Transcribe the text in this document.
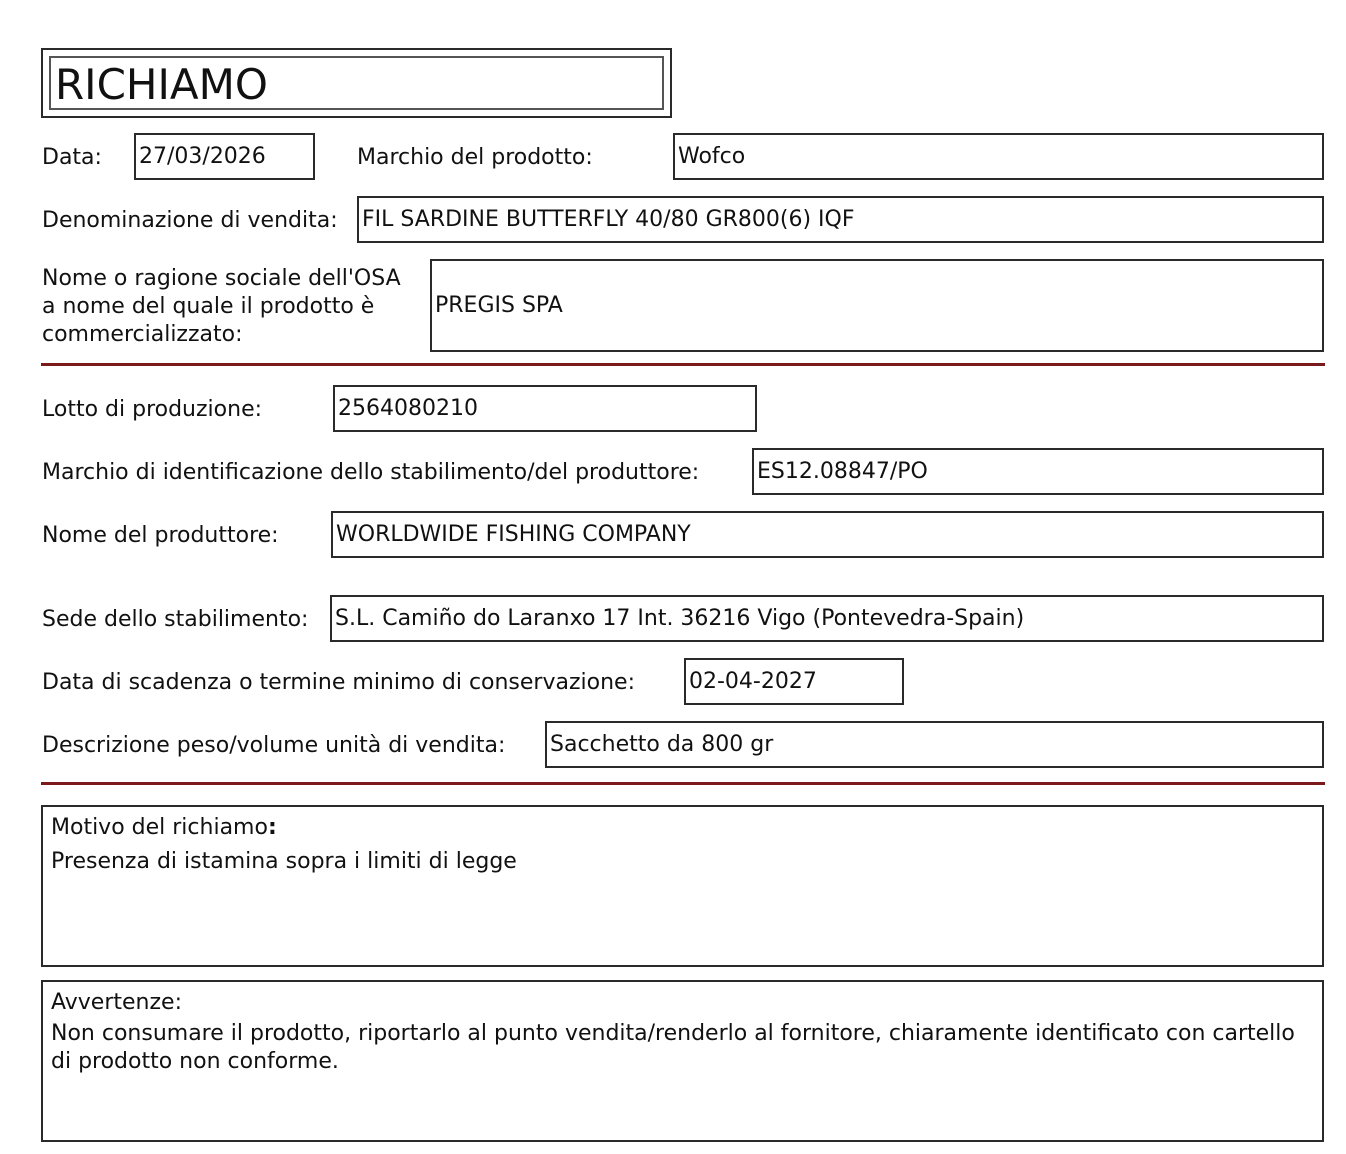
RICHIAMO
Data: 27/03/2026	Marchio del prodotto:	Wofco
Denominazione di vendita: FIL SARDINE BUTTERFLY 40/80 GR800(6) IQF
Nome o ragione sociale dell'OSA
a nome del quale il prodotto è
commercializzato:
PREGIS SPA
Lotto di produzione:	2564080210
Marchio di identificazione dello stabilimento/del produttore:	ES12.08847/PO
Nome del produttore:	WORLDWIDE FISHING COMPANY
Sede dello stabilimento: S.L. Camiño do Laranxo 17 Int. 36216 Vigo (Pontevedra-Spain)
Data di scadenza o termine minimo di conservazione: 02-04-2027
Descrizione peso/volume unità di vendita: Sacchetto da 800 gr
Motivo del richiamo:
Presenza di istamina sopra i limiti di legge
Avvertenze:
Non consumare il prodotto, riportarlo al punto vendita/renderlo al fornitore, chiaramente identificato con cartello di prodotto non conforme.
